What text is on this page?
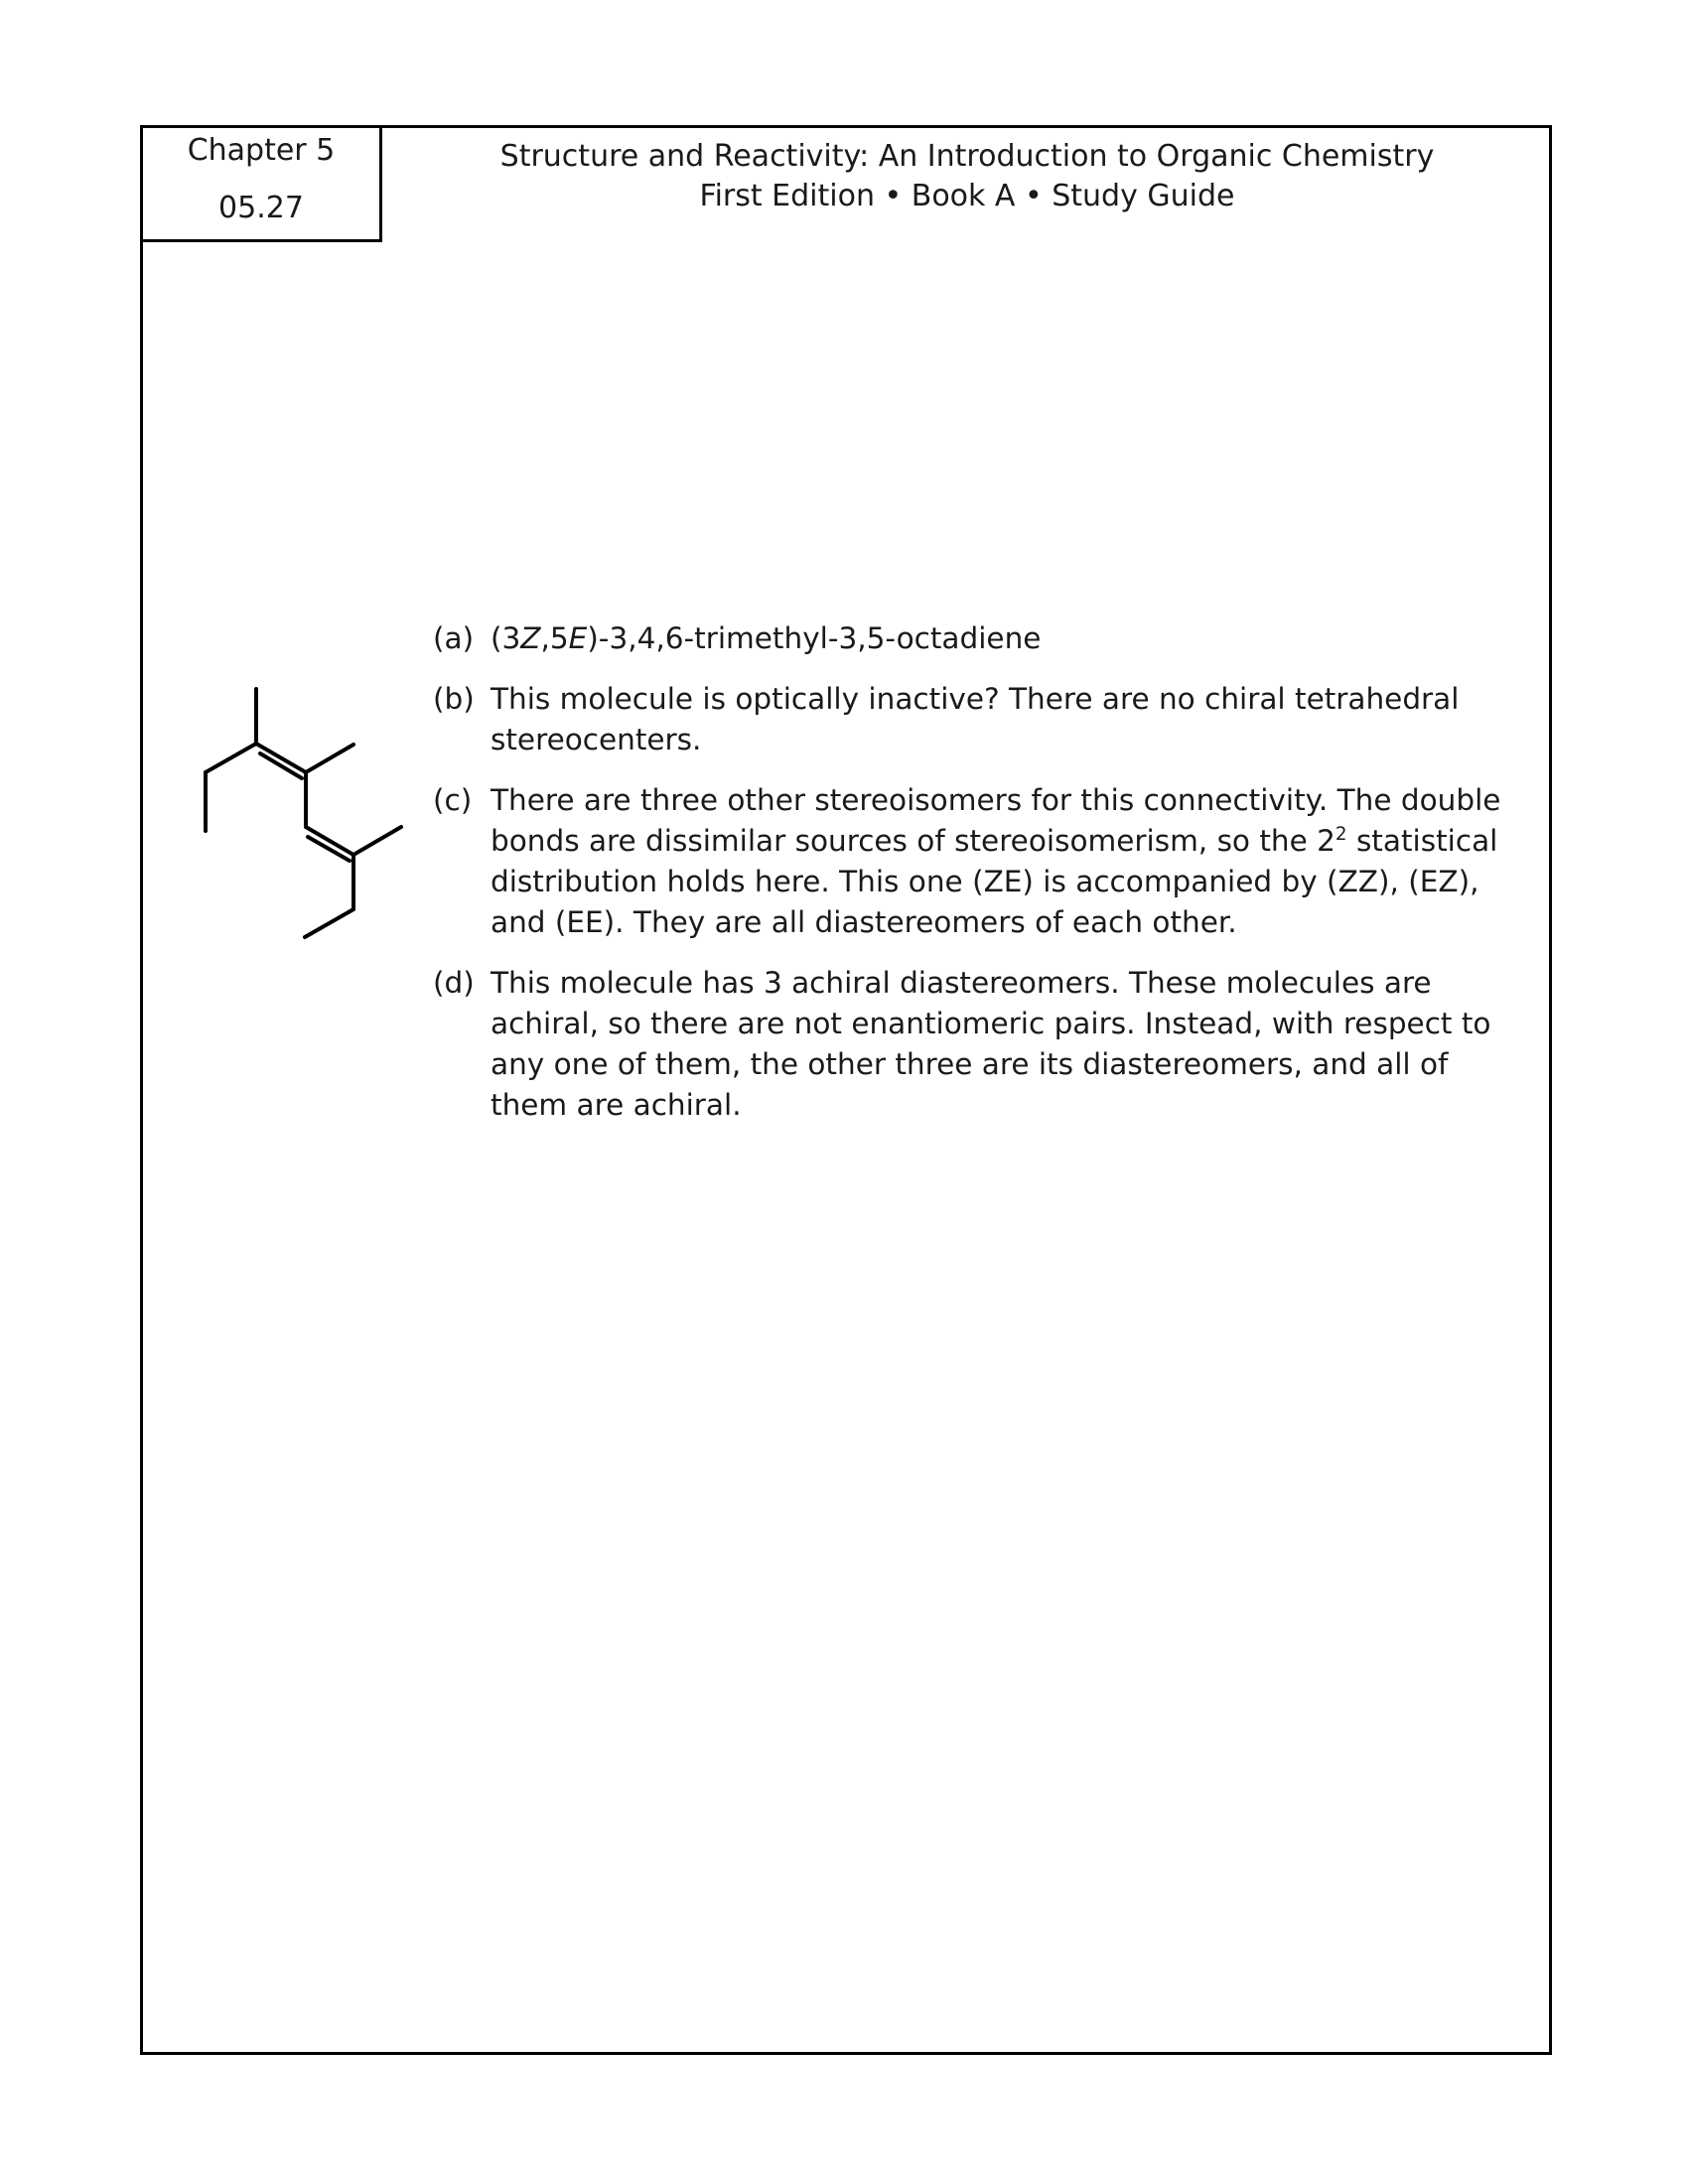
Chapter 5
05.27
Structure and Reactivity: An Introduction to Organic Chemistry
First Edition • Book A • Study Guide
(a) (3Z,5E)-3,4,6-trimethyl-3,5-octadiene
(b) This molecule is optically inactive? There are no chiral tetrahedral stereocenters.
(c) There are three other stereoisomers for this connectivity. The double bonds are dissimilar sources of stereoisomerism, so the $2^2$ statistical distribution holds here. This one (ZE) is accompanied by (ZZ), (EZ), and (EE). They are all diastereomers of each other.
(d) This molecule has 3 achiral diastereomers. These molecules are achiral, so there are not enantiomeric pairs. Instead, with respect to any one of them, the other three are its diastereomers, and all of them are achiral.
